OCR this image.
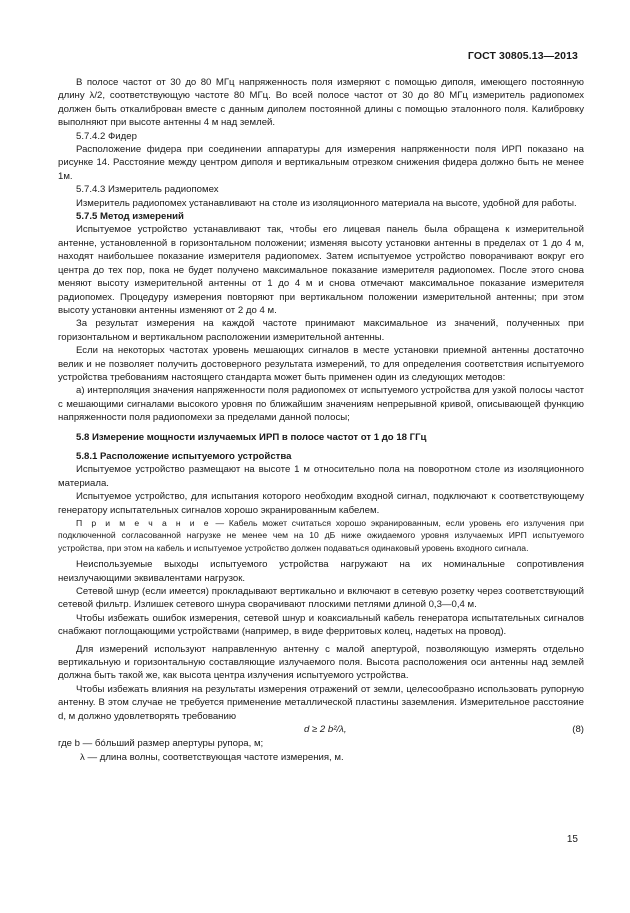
ГОСТ 30805.13—2013

В полосе частот от 30 до 80 МГц напряженность поля измеряют с помощью диполя, имеющего постоянную длину λ/2, соответствующую частоте 80 МГц. Во всей полосе частот от 30 до 80 МГц измеритель радиопомех должен быть откалиброван вместе с данным диполем постоянной длины с помощью эталонного поля. Калибровку выполняют при высоте антенны 4 м над землей.

5.7.4.2 Фидер

Расположение фидера при соединении аппаратуры для измерения напряженности поля ИРП показано на рисунке 14. Расстояние между центром диполя и вертикальным отрезком снижения фидера должно быть не менее 1м.

5.7.4.3 Измеритель радиопомех

Измеритель радиопомех устанавливают на столе из изоляционного материала на высоте, удобной для работы.

5.7.5 Метод измерений

Испытуемое устройство устанавливают так, чтобы его лицевая панель была обращена к измерительной антенне, установленной в горизонтальном положении; изменяя высоту установки антенны в пределах от 1 до 4 м, находят наибольшее показание измерителя радиопомех. Затем испытуемое устройство поворачивают вокруг его центра до тех пор, пока не будет получено максимальное показание измерителя радиопомех. После этого снова меняют высоту измерительной антенны от 1 до 4 м и снова отмечают максимальное показание измерителя радиопомех. Процедуру измерения повторяют при вертикальном положении измерительной антенны; при этом высоту установки антенны изменяют от 2 до 4 м.

За результат измерения на каждой частоте принимают максимальное из значений, полученных при горизонтальном и вертикальном расположении измерительной антенны.

Если на некоторых частотах уровень мешающих сигналов в месте установки приемной антенны достаточно велик и не позволяет получить достоверного результата измерений, то для определения соответствия испытуемого устройства требованиям настоящего стандарта может быть применен один из следующих методов:

а) интерполяция значения напряженности поля радиопомех от испытуемого устройства для узкой полосы частот с мешающими сигналами высокого уровня по ближайшим значениям непрерывной кривой, описывающей функцию напряженности поля радиопомехи за пределами данной полосы;

5.8 Измерение мощности излучаемых ИРП в полосе частот от 1 до 18 ГГц

5.8.1 Расположение испытуемого устройства

Испытуемое устройство размещают на высоте 1 м относительно пола на поворотном столе из изоляционного материала.

Испытуемое устройство, для испытания которого необходим входной сигнал, подключают к соответствующему генератору испытательных сигналов хорошо экранированным кабелем.

П р и м е ч а н и е — Кабель может считаться хорошо экранированным, если уровень его излучения при подключенной согласованной нагрузке не менее чем на 10 дБ ниже ожидаемого уровня излучаемых ИРП испытуемого устройства, при этом на кабель и испытуемое устройство должен подаваться одинаковый уровень входного сигнала.

Неиспользуемые выходы испытуемого устройства нагружают на их номинальные сопротивления неизлучающими эквивалентами нагрузок.

Сетевой шнур (если имеется) прокладывают вертикально и включают в сетевую розетку через соответствующий сетевой фильтр. Излишек сетевого шнура сворачивают плоскими петлями длиной 0,3—0,4 м.

Чтобы избежать ошибок измерения, сетевой шнур и коаксиальный кабель генератора испытательных сигналов снабжают поглощающими устройствами (например, в виде ферритовых колец, надетых на провод).

Для измерений используют направленную антенну с малой апертурой, позволяющую измерять отдельно вертикальную и горизонтальную составляющие излучаемого поля. Высота расположения оси антенны над землей должна быть такой же, как высота центра излучения испытуемого устройства.

Чтобы избежать влияния на результаты измерения отражений от земли, целесообразно использовать рупорную антенну. В этом случае не требуется применение металлической пластины заземления. Измерительное расстояние d, м должно удовлетворять требованию

d ≥ 2 b²/λ,	(8)

где b — бóльший размер апертуры рупора, м;

λ — длина волны, соответствующая частоте измерения, м.

15
